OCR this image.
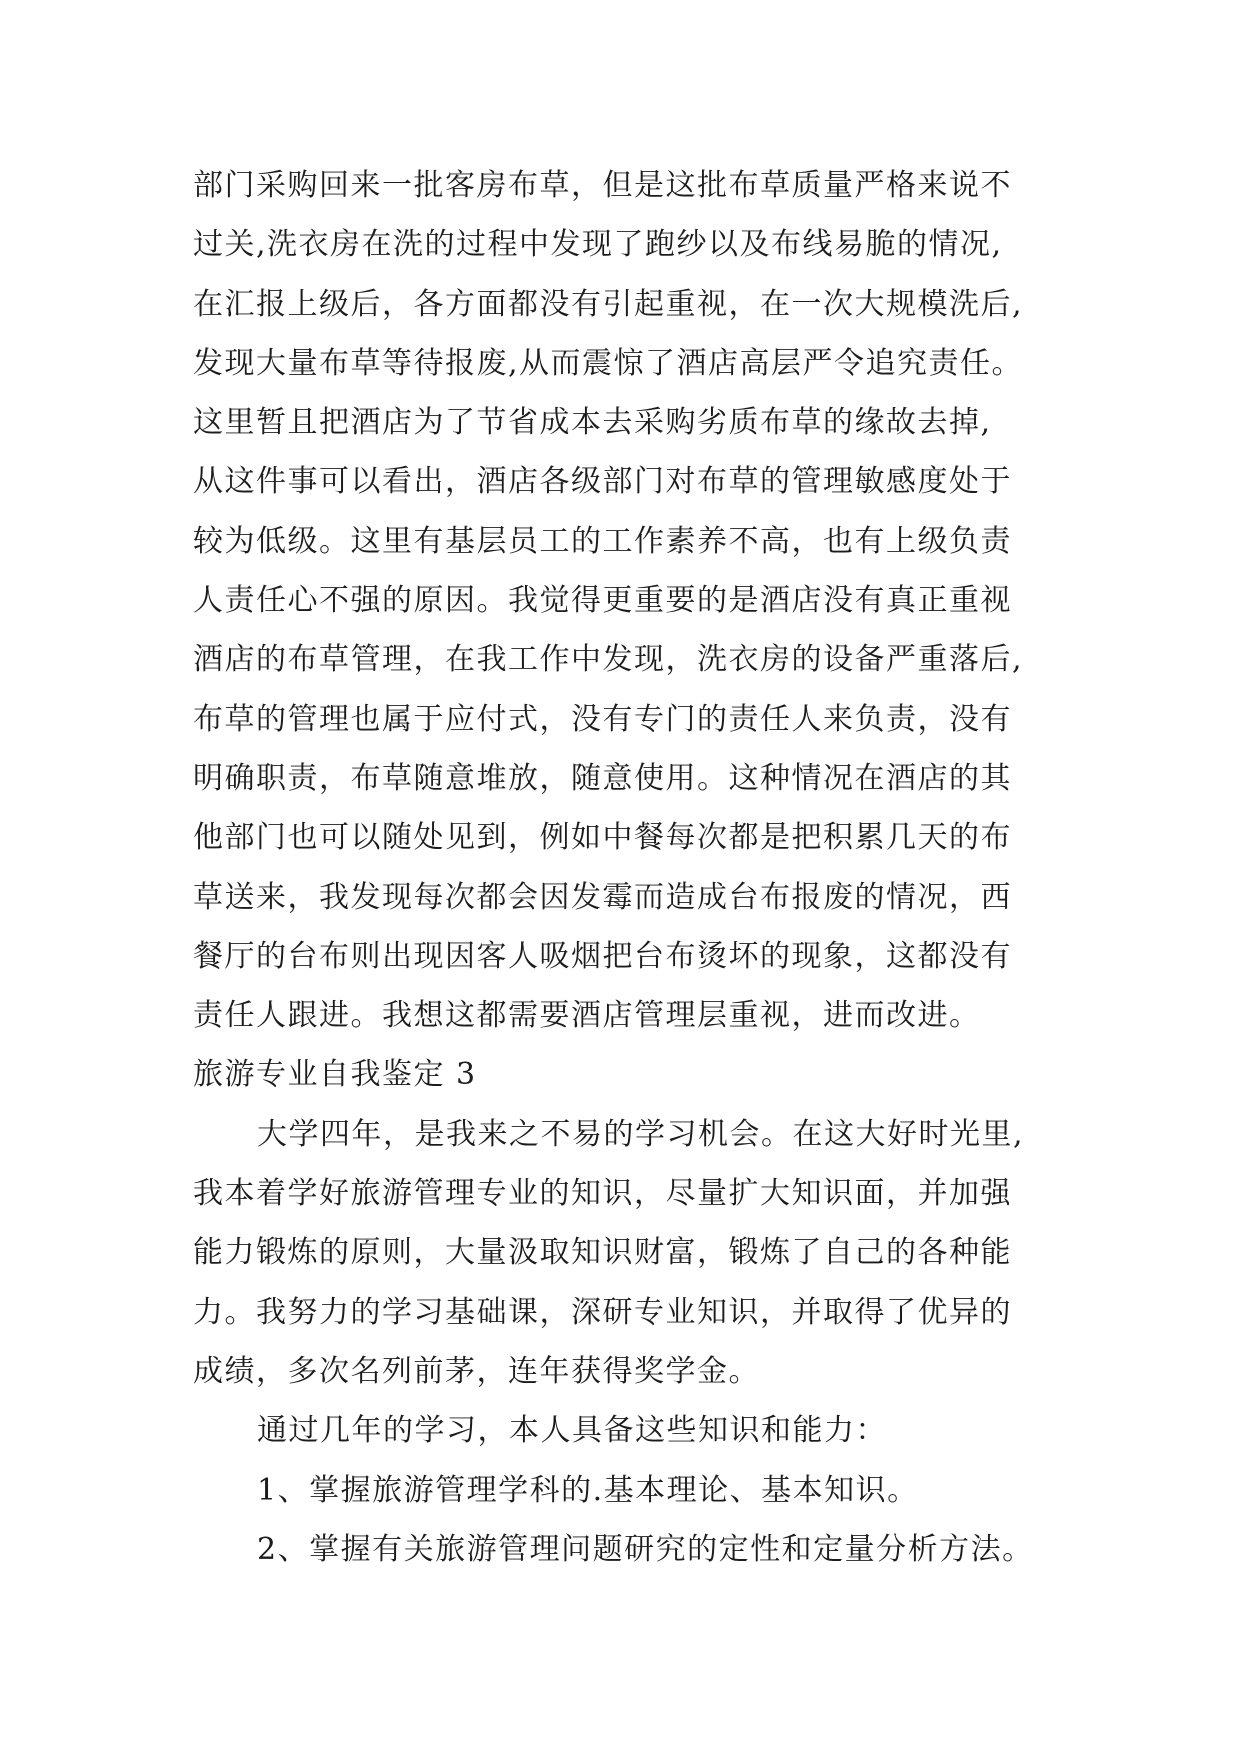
部门采购回来一批客房布草，但是这批布草质量严格来说不
过关,洗衣房在洗的过程中发现了跑纱以及布线易脆的情况,
在汇报上级后，各方面都没有引起重视，在一次大规模洗后,
发现大量布草等待报废,从而震惊了酒店高层严令追究责任。
这里暂且把酒店为了节省成本去采购劣质布草的缘故去掉,
从这件事可以看出，酒店各级部门对布草的管理敏感度处于
较为低级。这里有基层员工的工作素养不高，也有上级负责
人责任心不强的原因。我觉得更重要的是酒店没有真正重视
酒店的布草管理，在我工作中发现，洗衣房的设备严重落后,
布草的管理也属于应付式，没有专门的责任人来负责，没有
明确职责，布草随意堆放，随意使用。这种情况在酒店的其
他部门也可以随处见到，例如中餐每次都是把积累几天的布
草送来，我发现每次都会因发霉而造成台布报废的情况，西
餐厅的台布则出现因客人吸烟把台布烫坏的现象，这都没有
责任人跟进。我想这都需要酒店管理层重视，进而改进。
旅游专业自我鉴定 3
大学四年，是我来之不易的学习机会。在这大好时光里,
我本着学好旅游管理专业的知识，尽量扩大知识面，并加强
能力锻炼的原则，大量汲取知识财富，锻炼了自己的各种能
力。我努力的学习基础课，深研专业知识，并取得了优异的
成绩，多次名列前茅，连年获得奖学金。
通过几年的学习，本人具备这些知识和能力：
1、掌握旅游管理学科的.基本理论、基本知识。
2、掌握有关旅游管理问题研究的定性和定量分析方法。
